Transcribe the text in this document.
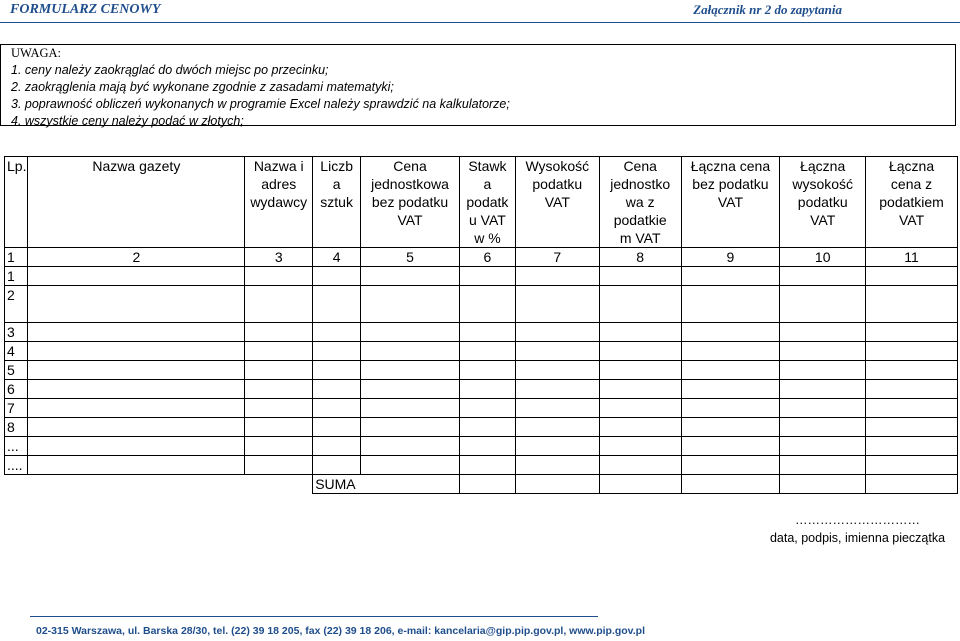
FORMULARZ CENOWY	Załącznik nr 2 do zapytania
UWAGA:
1. ceny należy zaokrąglać do dwóch miejsc po przecinku;
2. zaokrąglenia mają być wykonane zgodnie z zasadami matematyki;
3. poprawność obliczeń wykonanych w programie Excel należy sprawdzić na kalkulatorze;
4. wszystkie ceny należy podać w złotych;
Lp.	Nazwa gazety	Nazwa i
adres
wydawcy	Liczb
a
sztuk	Cena
jednostkowa
bez podatku
VAT	Stawk
a
podatk
u VAT
w %	Wysokość
podatku
VAT	Cena
jednostko
wa z
podatkie
m VAT	Łączna cena
bez podatku
VAT	Łączna
wysokość
podatku
VAT	Łączna
cena z
podatkiem
VAT
1	2	3	4	5	6	7	8	9	10	11
1										
2										
3										
4										
5										
6										
7										
8										
...										
....										
			SUMA							
…………………………
data, podpis, imienna pieczątka
02-315 Warszawa, ul. Barska 28/30, tel. (22) 39 18 205, fax (22) 39 18 206, e-mail: kancelaria@gip.pip.gov.pl, www.pip.gov.pl
